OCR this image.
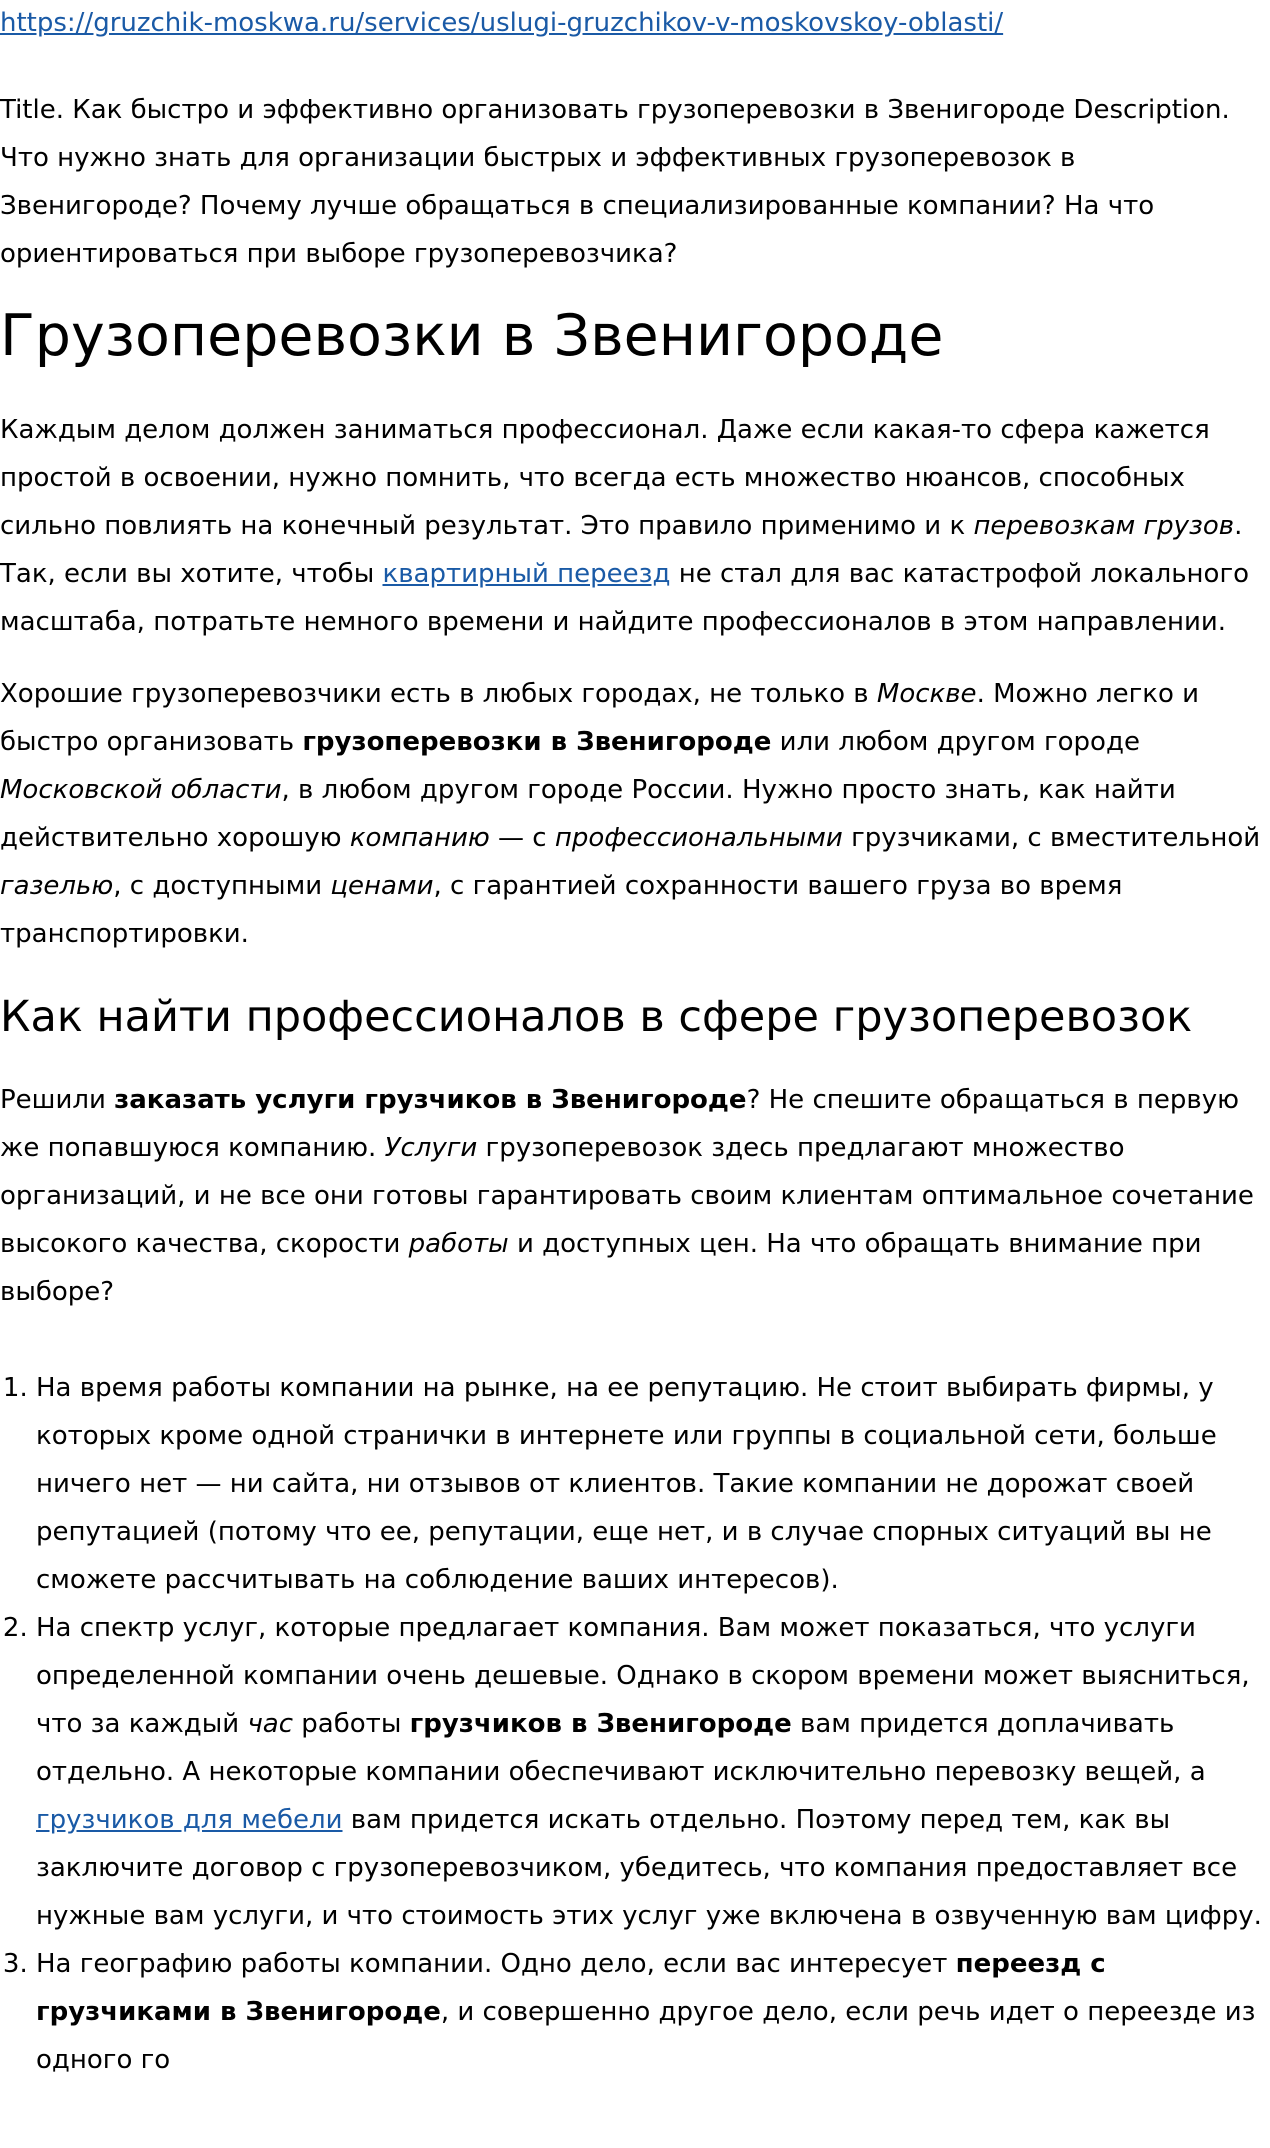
https://gruzchik-moskwa.ru/services/uslugi-gruzchikov-v-moskovskoy-oblasti/

Title. Как быстро и эффективно организовать грузоперевозки в Звенигороде Description. Что нужно знать для организации быстрых и эффективных грузоперевозок в Звенигороде? Почему лучше обращаться в специализированные компании? На что ориентироваться при выборе грузоперевозчика?

Грузоперевозки в Звенигороде

Каждым делом должен заниматься профессионал. Даже если какая-то сфера кажется простой в освоении, нужно помнить, что всегда есть множество нюансов, способных сильно повлиять на конечный результат. Это правило применимо и к перевозкам грузов. Так, если вы хотите, чтобы квартирный переезд не стал для вас катастрофой локального масштаба, потратьте немного времени и найдите профессионалов в этом направлении.

Хорошие грузоперевозчики есть в любых городах, не только в Москве. Можно легко и быстро организовать грузоперевозки в Звенигороде или любом другом городе Московской области, в любом другом городе России. Нужно просто знать, как найти действительно хорошую компанию — с профессиональными грузчиками, с вместительной газелью, с доступными ценами, с гарантией сохранности вашего груза во время транспортировки.

Как найти профессионалов в сфере грузоперевозок

Решили заказать услуги грузчиков в Звенигороде? Не спешите обращаться в первую же попавшуюся компанию. Услуги грузоперевозок здесь предлагают множество организаций, и не все они готовы гарантировать своим клиентам оптимальное сочетание высокого качества, скорости работы и доступных цен. На что обращать внимание при выборе?

1. На время работы компании на рынке, на ее репутацию. Не стоит выбирать фирмы, у которых кроме одной странички в интернете или группы в социальной сети, больше ничего нет — ни сайта, ни отзывов от клиентов. Такие компании не дорожат своей репутацией (потому что ее, репутации, еще нет, и в случае спорных ситуаций вы не сможете рассчитывать на соблюдение ваших интересов).
2. На спектр услуг, которые предлагает компания. Вам может показаться, что услуги определенной компании очень дешевые. Однако в скором времени может выясниться, что за каждый час работы грузчиков в Звенигороде вам придется доплачивать отдельно. А некоторые компании обеспечивают исключительно перевозку вещей, а грузчиков для мебели вам придется искать отдельно. Поэтому перед тем, как вы заключите договор с грузоперевозчиком, убедитесь, что компания предоставляет все нужные вам услуги, и что стоимость этих услуг уже включена в озвученную вам цифру.
3. На географию работы компании. Одно дело, если вас интересует переезд с грузчиками в Звенигороде, и совершенно другое дело, если речь идет о переезде из одного го
